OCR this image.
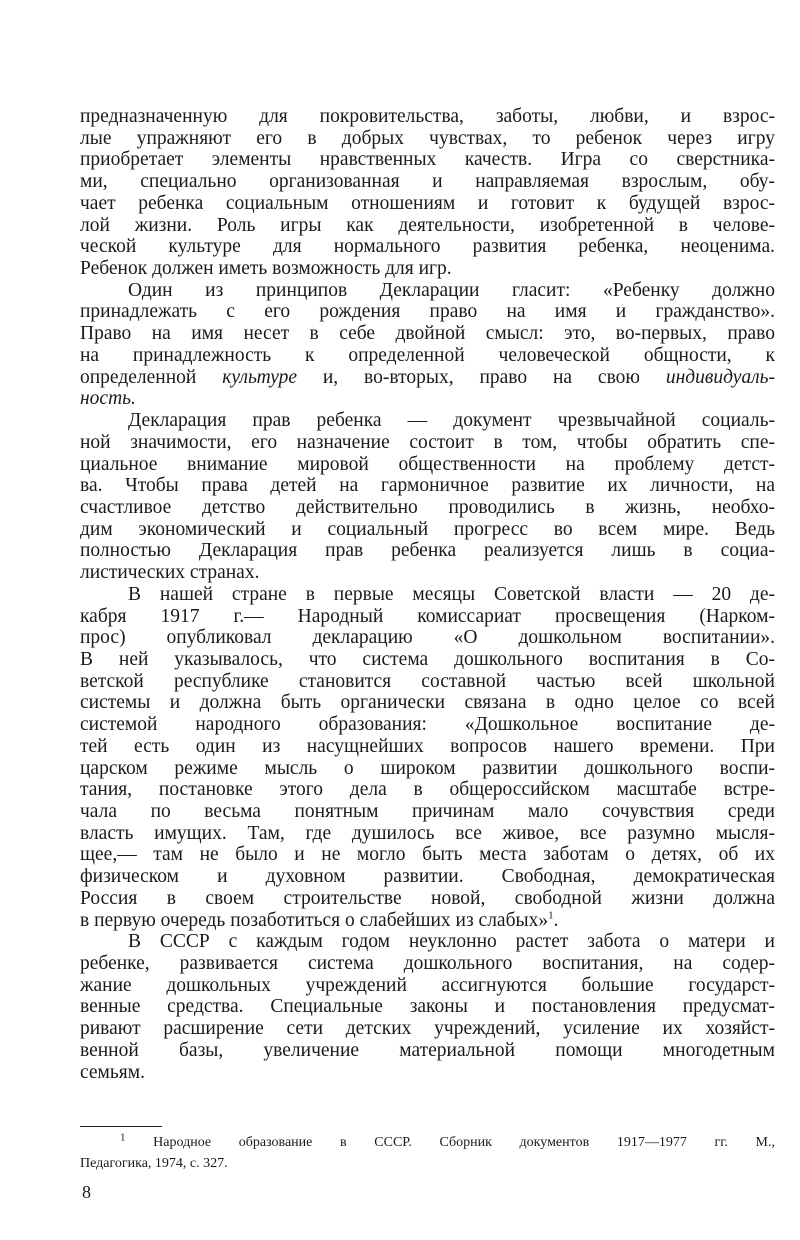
предназначенную для покровительства, заботы, любви, и взрос-
лые упражняют его в добрых чувствах, то ребенок через игру
приобретает элементы нравственных качеств. Игра со сверстника-
ми, специально организованная и направляемая взрослым, обу-
чает ребенка социальным отношениям и готовит к будущей взрос-
лой жизни. Роль игры как деятельности, изобретенной в челове-
ческой культуре для нормального развития ребенка, неоценима.
Ребенок должен иметь возможность для игр.
Один из принципов Декларации гласит: «Ребенку должно
принадлежать с его рождения право на имя и гражданство».
Право на имя несет в себе двойной смысл: это, во-первых, право
на принадлежность к определенной человеческой общности, к
определенной культуре и, во-вторых, право на свою индивидуаль-
ность.
Декларация прав ребенка — документ чрезвычайной социаль-
ной значимости, его назначение состоит в том, чтобы обратить спе-
циальное внимание мировой общественности на проблему детст-
ва. Чтобы права детей на гармоничное развитие их личности, на
счастливое детство действительно проводились в жизнь, необхо-
дим экономический и социальный прогресс во всем мире. Ведь
полностью Декларация прав ребенка реализуется лишь в социа-
листических странах.
В нашей стране в первые месяцы Советской власти — 20 де-
кабря 1917 г.— Народный комиссариат просвещения (Нарком-
прос) опубликовал декларацию «О дошкольном воспитании».
В ней указывалось, что система дошкольного воспитания в Со-
ветской республике становится составной частью всей школьной
системы и должна быть органически связана в одно целое со всей
системой народного образования: «Дошкольное воспитание де-
тей есть один из насущнейших вопросов нашего времени. При
царском режиме мысль о широком развитии дошкольного воспи-
тания, постановке этого дела в общероссийском масштабе встре-
чала по весьма понятным причинам мало сочувствия среди
власть имущих. Там, где душилось все живое, все разумно мысля-
щее,— там не было и не могло быть места заботам о детях, об их
физическом и духовном развитии. Свободная, демократическая
Россия в своем строительстве новой, свободной жизни должна
в первую очередь позаботиться о слабейших из слабых»$^1$.
В СССР с каждым годом неуклонно растет забота о матери и
ребенке, развивается система дошкольного воспитания, на содер-
жание дошкольных учреждений ассигнуются большие государст-
венные средства. Специальные законы и постановления предусмат-
ривают расширение сети детских учреждений, усиление их хозяйст-
венной базы, увеличение материальной помощи многодетным
семьям.
$^1$ Народное образование в СССР. Сборник документов 1917—1977 гг. М.,
Педагогика, 1974, с. 327.
8
